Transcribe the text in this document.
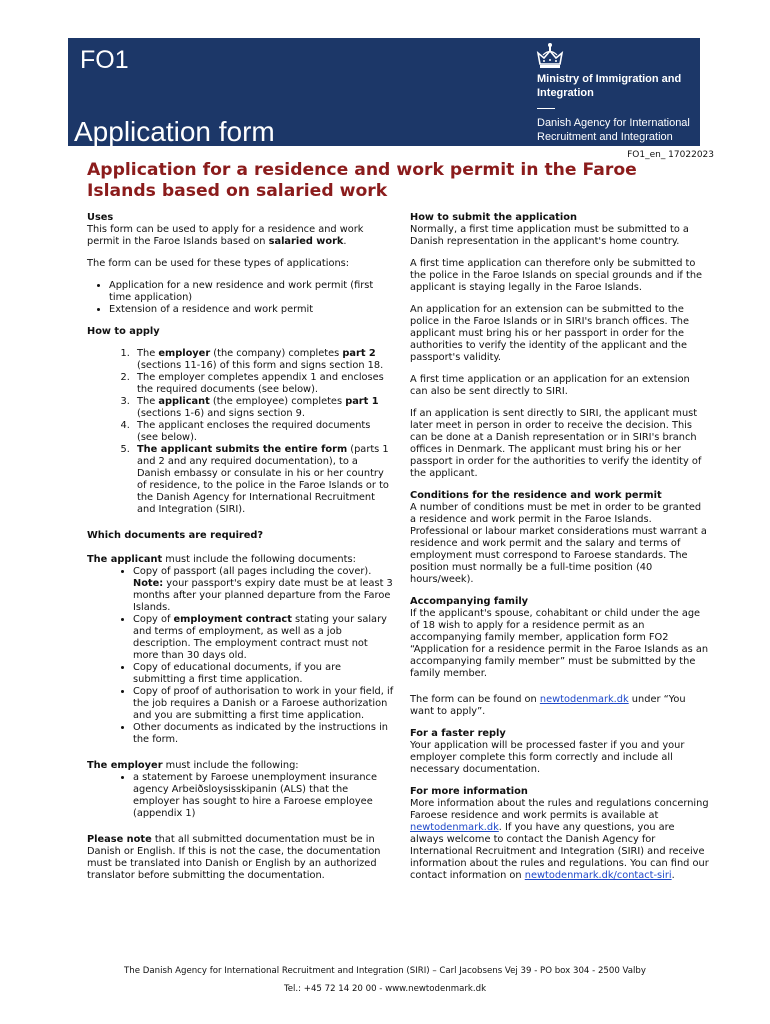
FO1
Application form
Ministry of Immigration and Integration
Danish Agency for International Recruitment and Integration
FO1_en_ 17022023
Application for a residence and work permit in the Faroe Islands based on salaried work
Uses

This form can be used to apply for a residence and work permit in the Faroe Islands based on salaried work.

The form can be used for these types of applications:

• Application for a new residence and work permit (first time application)
• Extension of a residence and work permit
How to apply
1. The employer (the company) completes part 2 (sections 11-16) of this form and signs section 18.
2. The employer completes appendix 1 and encloses the required documents (see below).
3. The applicant (the employee) completes part 1 (sections 1-6) and signs section 9.
4. The applicant encloses the required documents (see below).
5. The applicant submits the entire form (parts 1 and 2 and any required documentation), to a Danish embassy or consulate in his or her country of residence, to the police in the Faroe Islands or to the Danish Agency for International Recruitment and Integration (SIRI).

Which documents are required?

The applicant must include the following documents:
• Copy of passport (all pages including the cover). Note: your passport's expiry date must be at least 3 months after your planned departure from the Faroe Islands.
• Copy of employment contract stating your salary and terms of employment, as well as a job description. The employment contract must not more than 30 days old.
• Copy of educational documents, if you are submitting a first time application.
• Copy of proof of authorisation to work in your field, if the job requires a Danish or a Faroese authorization and you are submitting a first time application.
• Other documents as indicated by the instructions in the form.
The employer must include the following:
• a statement by Faroese unemployment insurance agency Arbeiðsloysisskipanin (ALS) that the employer has sought to hire a Faroese employee (appendix 1)

Please note that all submitted documentation must be in Danish or English. If this is not the case, the documentation must be translated into Danish or English by an authorized translator before submitting the documentation.

How to submit the application

Normally, a first time application must be submitted to a Danish representation in the applicant's home country.

A first time application can therefore only be submitted to the police in the Faroe Islands on special grounds and if the applicant is staying legally in the Faroe Islands.

An application for an extension can be submitted to the police in the Faroe Islands or in SIRI's branch offices. The applicant must bring his or her passport in order for the authorities to verify the identity of the applicant and the passport's validity.

A first time application or an application for an extension can also be sent directly to SIRI.

If an application is sent directly to SIRI, the applicant must later meet in person in order to receive the decision. This can be done at a Danish representation or in SIRI's branch offices in Denmark. The applicant must bring his or her passport in order for the authorities to verify the identity of the applicant.

Conditions for the residence and work permit

A number of conditions must be met in order to be granted a residence and work permit in the Faroe Islands. Professional or labour market considerations must warrant a residence and work permit and the salary and terms of employment must correspond to Faroese standards. The position must normally be a full-time position (40 hours/week).

Accompanying family

If the applicant's spouse, cohabitant or child under the age of 18 wish to apply for a residence permit as an accompanying family member, application form FO2 “Application for a residence permit in the Faroe Islands as an accompanying family member” must be submitted by the family member.

The form can be found on newtodenmark.dk under “You want to apply”.

For a faster reply

Your application will be processed faster if you and your employer complete this form correctly and include all necessary documentation.

For more information

More information about the rules and regulations concerning Faroese residence and work permits is available at newtodenmark.dk. If you have any questions, you are always welcome to contact the Danish Agency for International Recruitment and Integration (SIRI) and receive information about the rules and regulations. You can find our contact information on newtodenmark.dk/contact-siri.

The Danish Agency for International Recruitment and Integration (SIRI) – Carl Jacobsens Vej 39 - PO box 304 - 2500 Valby
Tel.: +45 72 14 20 00 - www.newtodenmark.dk
